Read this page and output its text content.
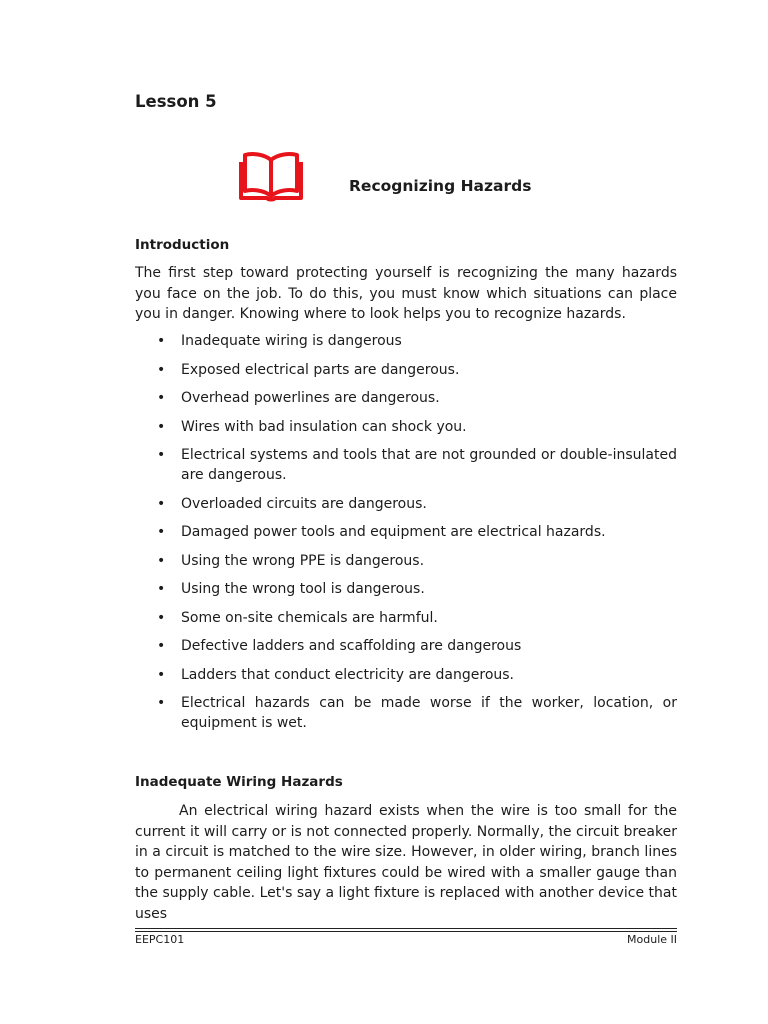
Lesson 5
Recognizing Hazards
Introduction

The first step toward protecting yourself is recognizing the many hazards you face on the job. To do this, you must know which situations can place you in danger. Knowing where to look helps you to recognize hazards.

• Inadequate wiring is dangerous
• Exposed electrical parts are dangerous.
• Overhead powerlines are dangerous.
• Wires with bad insulation can shock you.
• Electrical systems and tools that are not grounded or double-insulated are dangerous.
• Overloaded circuits are dangerous.
• Damaged power tools and equipment are electrical hazards.
• Using the wrong PPE is dangerous.
• Using the wrong tool is dangerous.
• Some on-site chemicals are harmful.
• Defective ladders and scaffolding are dangerous
• Ladders that conduct electricity are dangerous.
• Electrical hazards can be made worse if the worker, location, or equipment is wet.
Inadequate Wiring Hazards

An electrical wiring hazard exists when the wire is too small for the current it will carry or is not connected properly. Normally, the circuit breaker in a circuit is matched to the wire size. However, in older wiring, branch lines to permanent ceiling light fixtures could be wired with a smaller gauge than the supply cable. Let's say a light fixture is replaced with another device that uses

EEPC101	Module II
